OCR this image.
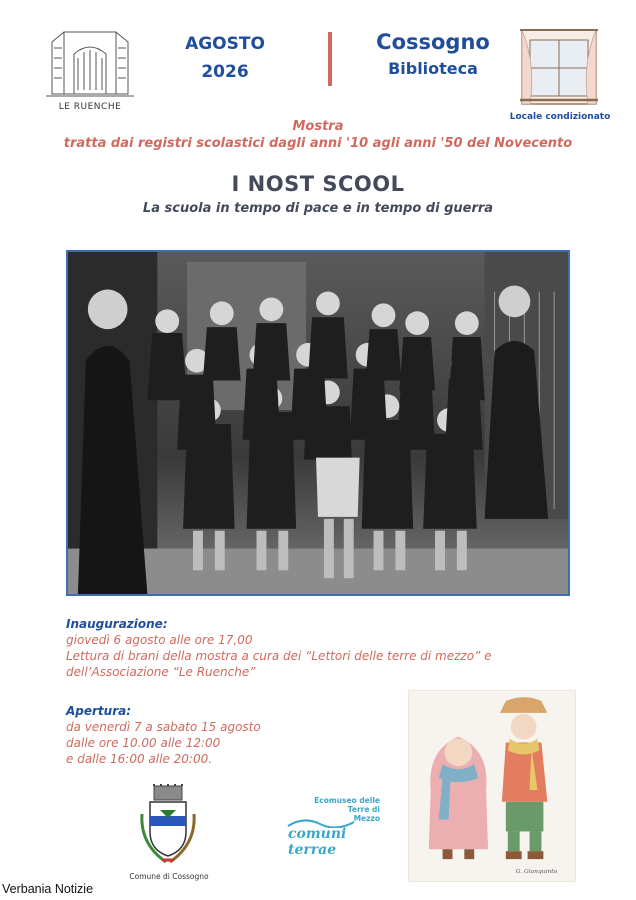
LE RUENCHE
AGOSTO
2026
Cossogno
Biblioteca
Locale condizionato
Mostra
tratta dai registri scolastici dagli anni '10 agli anni '50 del Novecento
I NOST SCOOL
La scuola in tempo di pace e in tempo di guerra
Inaugurazione:
giovedì 6 agosto alle ore 17,00
Lettura di brani della mostra a cura dei “Lettori delle terre di mezzo” e
dell’Associazione “Le Ruenche”
Apertura:
da venerdì 7 a sabato 15 agosto
dalle ore 10.00 alle 12:00
e dalle 16:00 alle 20:00.
G. Gianquinto
Comune di Cossogno
Ecomuseo delle
Terre di
Mezzo
comuni
terrae
Verbania Notizie
